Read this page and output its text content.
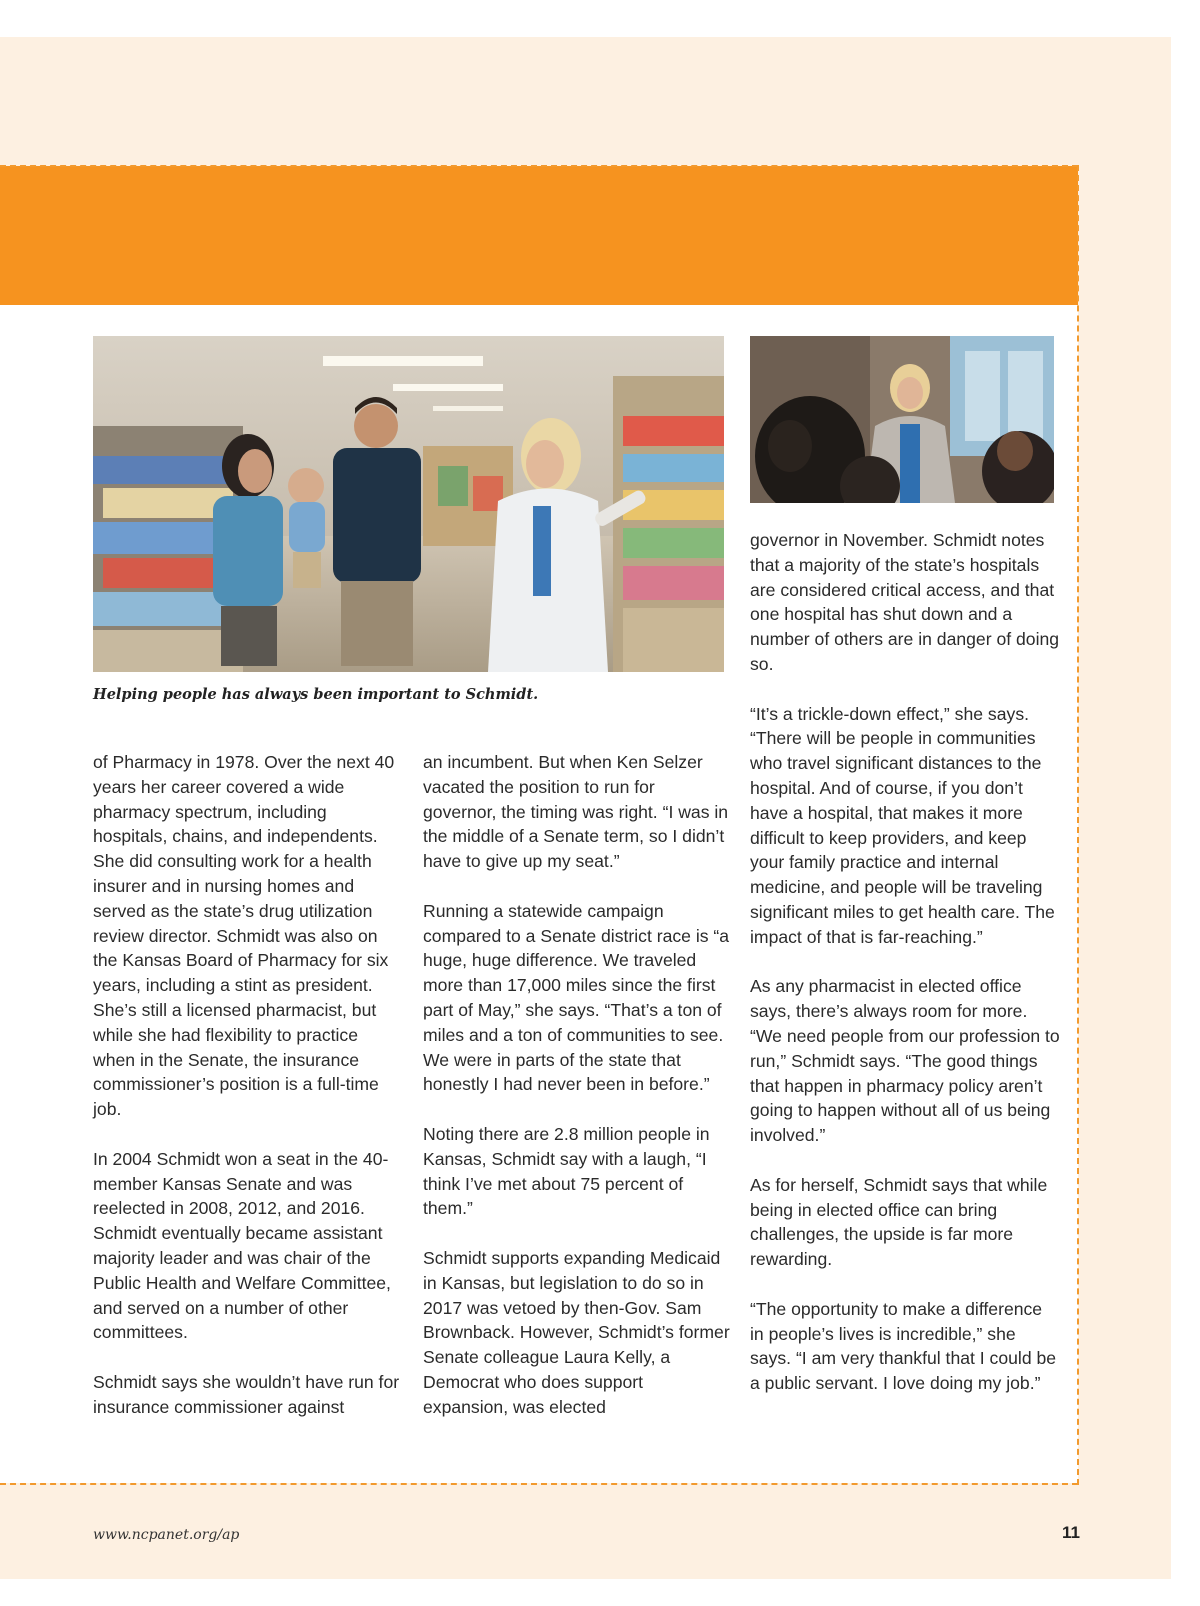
Helping people has always been important to Schmidt.

of Pharmacy in 1978. Over the next 40 years her career covered a wide pharmacy spectrum, including hospitals, chains, and independents. She did consulting work for a health insurer and in nursing homes and served as the state’s drug utilization review director. Schmidt was also on the Kansas Board of Pharmacy for six years, including a stint as president. She’s still a licensed pharmacist, but while she had flexibility to practice when in the Senate, the insurance commissioner’s position is a full-time job.

In 2004 Schmidt won a seat in the 40-member Kansas Senate and was reelected in 2008, 2012, and 2016. Schmidt eventually became assistant majority leader and was chair of the Public Health and Welfare Committee, and served on a number of other committees.

Schmidt says she wouldn’t have run for insurance commissioner against

an incumbent. But when Ken Selzer vacated the position to run for governor, the timing was right. “I was in the middle of a Senate term, so I didn’t have to give up my seat.”

Running a statewide campaign compared to a Senate district race is “a huge, huge difference. We traveled more than 17,000 miles since the first part of May,” she says. “That’s a ton of miles and a ton of communities to see. We were in parts of the state that honestly I had never been in before.”

Noting there are 2.8 million people in Kansas, Schmidt say with a laugh, “I think I’ve met about 75 percent of them.”

Schmidt supports expanding Medicaid in Kansas, but legislation to do so in 2017 was vetoed by then-Gov. Sam Brownback. However, Schmidt’s former Senate colleague Laura Kelly, a Democrat who does support expansion, was elected

governor in November. Schmidt notes that a majority of the state’s hospitals are considered critical access, and that one hospital has shut down and a number of others are in danger of doing so.

“It’s a trickle-down effect,” she says. “There will be people in communities who travel significant distances to the hospital. And of course, if you don’t have a hospital, that makes it more difficult to keep providers, and keep your family practice and internal medicine, and people will be traveling significant miles to get health care. The impact of that is far-reaching.”

As any pharmacist in elected office says, there’s always room for more. “We need people from our profession to run,” Schmidt says. “The good things that happen in pharmacy policy aren’t going to happen without all of us being involved.”

As for herself, Schmidt says that while being in elected office can bring challenges, the upside is far more rewarding.

“The opportunity to make a difference in people’s lives is incredible,” she says. “I am very thankful that I could be a public servant. I love doing my job.”

www.ncpanet.org/ap	11
